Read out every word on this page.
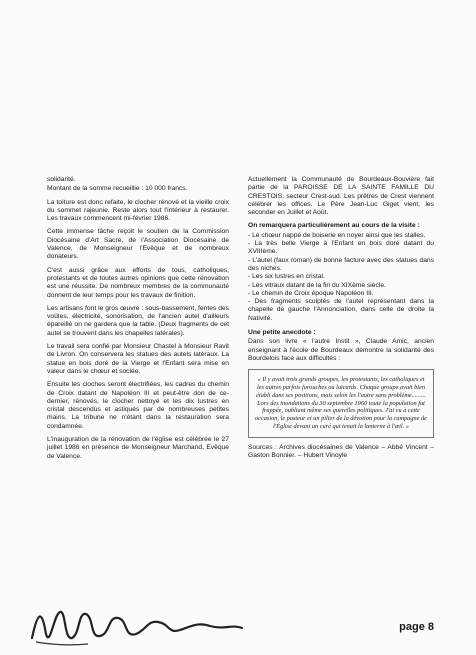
solidarité.

Montant de la somme recueillie : 10 000 francs.

La toiture est donc refaite, le clocher rénové et la vieille croix du sommet rajeunie. Reste alors tout l'intérieur à restaurer. Les travaux commencent mi-février 1986.

Cette immense tâche reçoit le soutien de la Commission Diocésaine d'Art Sacré, de l'Association Diocésaine de Valence, de Monseigneur l'Evêque et de nombreux donateurs.

C'est aussi grâce aux efforts de tous, catholiques, protestants et de toutes autres opinions que cette rénovation est une réussite. De nombreux membres de la communauté donnent de leur temps pour les travaux de finition.

Les artisans font le gros œuvre : sous-bassement, fentes des voûtes, électricité, sonorisation, de l'ancien autel d'ailleurs épareillé on ne gardera que la table. (Deux fragments de cet autel se trouvent dans les chapelles latérales).

Le travail sera confié par Monsieur Chastel à Monsieur Ravit de Livron. On conservera les statues des autels latéraux. La statue en bois doré de la Vierge et l'Enfant sera mise en valeur dans le chœur et soclée.

Ensuite les cloches seront électrifiées, les cadres du chemin de Croix datant de Napoléon III et peut-être don de ce-dernier, rénovés, le clocher nettoyé et les dix lustres en cristal descendus et astiqués par de nombreuses petites mains. La tribune ne n'étant dans la restauration sera condamnée.

L'inauguration de la rénovation de l'église est célébrée le 27 juillet 1986 en présence de Monseigneur Marchand, Evêque de Valence.

Actuellement la Communauté de Bourdeaux-Bouvière fait partie de la PAROISSE DE LA SAINTE FAMILLE DU CRESTOIS, secteur Crest-sud. Les prêtres de Crest viennent célébrer les offices. Le Père Jean-Luc Giget vient, les seconder en Juillet et Août.

On remarquera particulièrement au cours de la visite :

- Le chœur nappé de boiserie en noyer ainsi que les stalles.

- La très belle Vierge à l'Enfant en bois doré datant du XVIIIème.

- L'autel (faux roman) de bonne facture avec des statues dans des niches.

- Les six lustres en cristal.

- Les vitraux datant de la fin du XIXème siècle.

- Le chemin de Croix époque Napoléon III.

- Des fragments sculptés de l'autel représentant dans la chapelle de gauche l'Annonciation, dans celle de droite la Nativité.

Une petite anecdote :

Dans son livre « l'autre Instit », Claude Amic, ancien enseignant à l'école de Bourdeaux démontre la solidarité des Bourdelois face aux difficultés :

« Il y avait trois grands groupes, les protestants, les catholiques et les autres parfois farouches ou laïcards. Chaque groupe avait bien établi dans ses positions, mais selon les l'autre sans problème......... Lors des inondations du 30 septembre 1960 toute la population fut frappée, oubliant même ses querelles politiques. J'ai vu à cette occasion, le pasteur et un pilier de la dévotion pour la campagne de l'Église devant un curé qui tenait la lanterne à l'œil. »

Sources : Archives diocésaines de Valence – Abbé Vincent – Gaston Bonnier. – Hubert Vinoyle

page 8
